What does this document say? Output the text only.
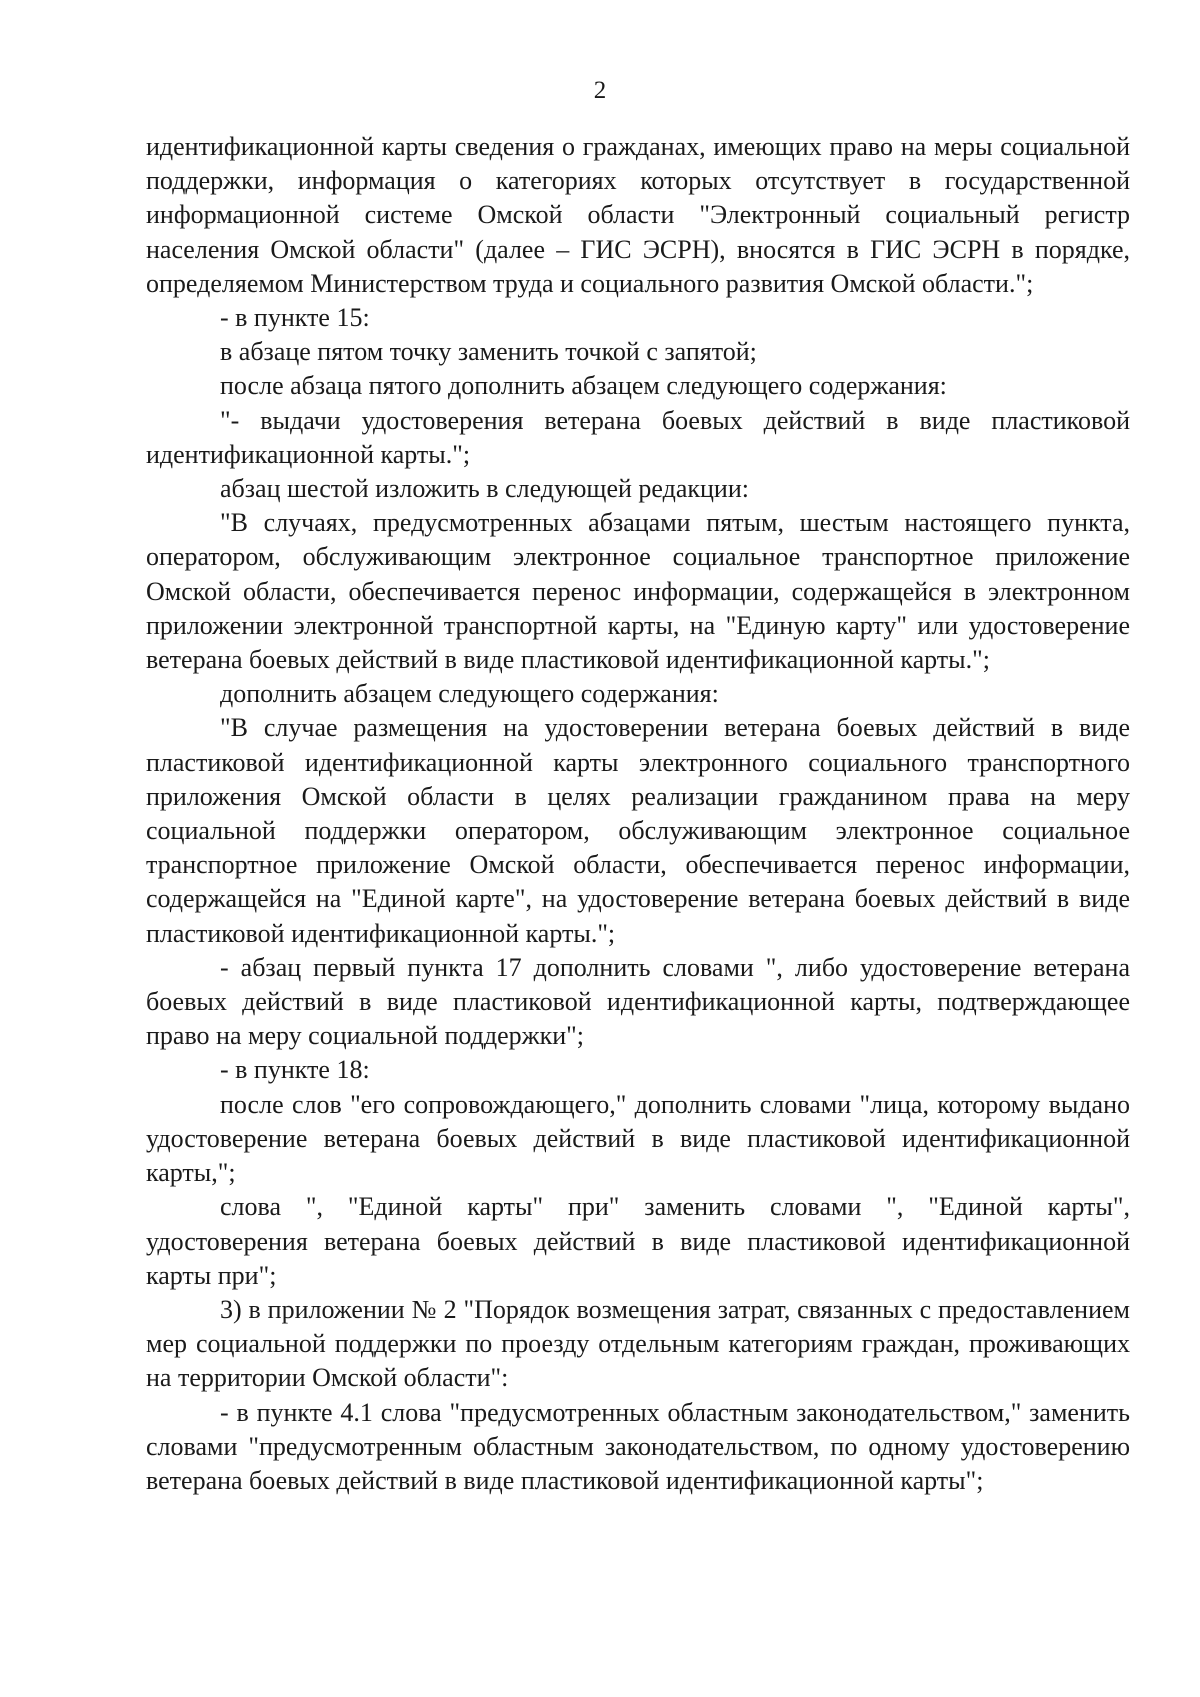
2

идентификационной карты сведения о гражданах, имеющих право на меры социальной поддержки, информация о категориях которых отсутствует в государственной информационной системе Омской области "Электронный социальный регистр населения Омской области" (далее – ГИС ЭСРН), вносятся в ГИС ЭСРН в порядке, определяемом Министерством труда и социального развития Омской области.";

- в пункте 15:

в абзаце пятом точку заменить точкой с запятой;

после абзаца пятого дополнить абзацем следующего содержания:

"- выдачи удостоверения ветерана боевых действий в виде пластиковой идентификационной карты.";

абзац шестой изложить в следующей редакции:

"В случаях, предусмотренных абзацами пятым, шестым настоящего пункта, оператором, обслуживающим электронное социальное транспортное приложение Омской области, обеспечивается перенос информации, содержащейся в электронном приложении электронной транспортной карты, на "Единую карту" или удостоверение ветерана боевых действий в виде пластиковой идентификационной карты.";

дополнить абзацем следующего содержания:

"В случае размещения на удостоверении ветерана боевых действий в виде пластиковой идентификационной карты электронного социального транспортного приложения Омской области в целях реализации гражданином права на меру социальной поддержки оператором, обслуживающим электронное социальное транспортное приложение Омской области, обеспечивается перенос информации, содержащейся на "Единой карте", на удостоверение ветерана боевых действий в виде пластиковой идентификационной карты.";

- абзац первый пункта 17 дополнить словами ", либо удостоверение ветерана боевых действий в виде пластиковой идентификационной карты, подтверждающее право на меру социальной поддержки";

- в пункте 18:

после слов "его сопровождающего," дополнить словами "лица, которому выдано удостоверение ветерана боевых действий в виде пластиковой идентификационной карты,";

слова ", "Единой карты" при" заменить словами ", "Единой карты", удостоверения ветерана боевых действий в виде пластиковой идентификационной карты при";

3) в приложении № 2 "Порядок возмещения затрат, связанных с предоставлением мер социальной поддержки по проезду отдельным категориям граждан, проживающих на территории Омской области":

- в пункте 4.1 слова "предусмотренных областным законодательством," заменить словами "предусмотренным областным законодательством, по одному удостоверению ветерана боевых действий в виде пластиковой идентификационной карты";
